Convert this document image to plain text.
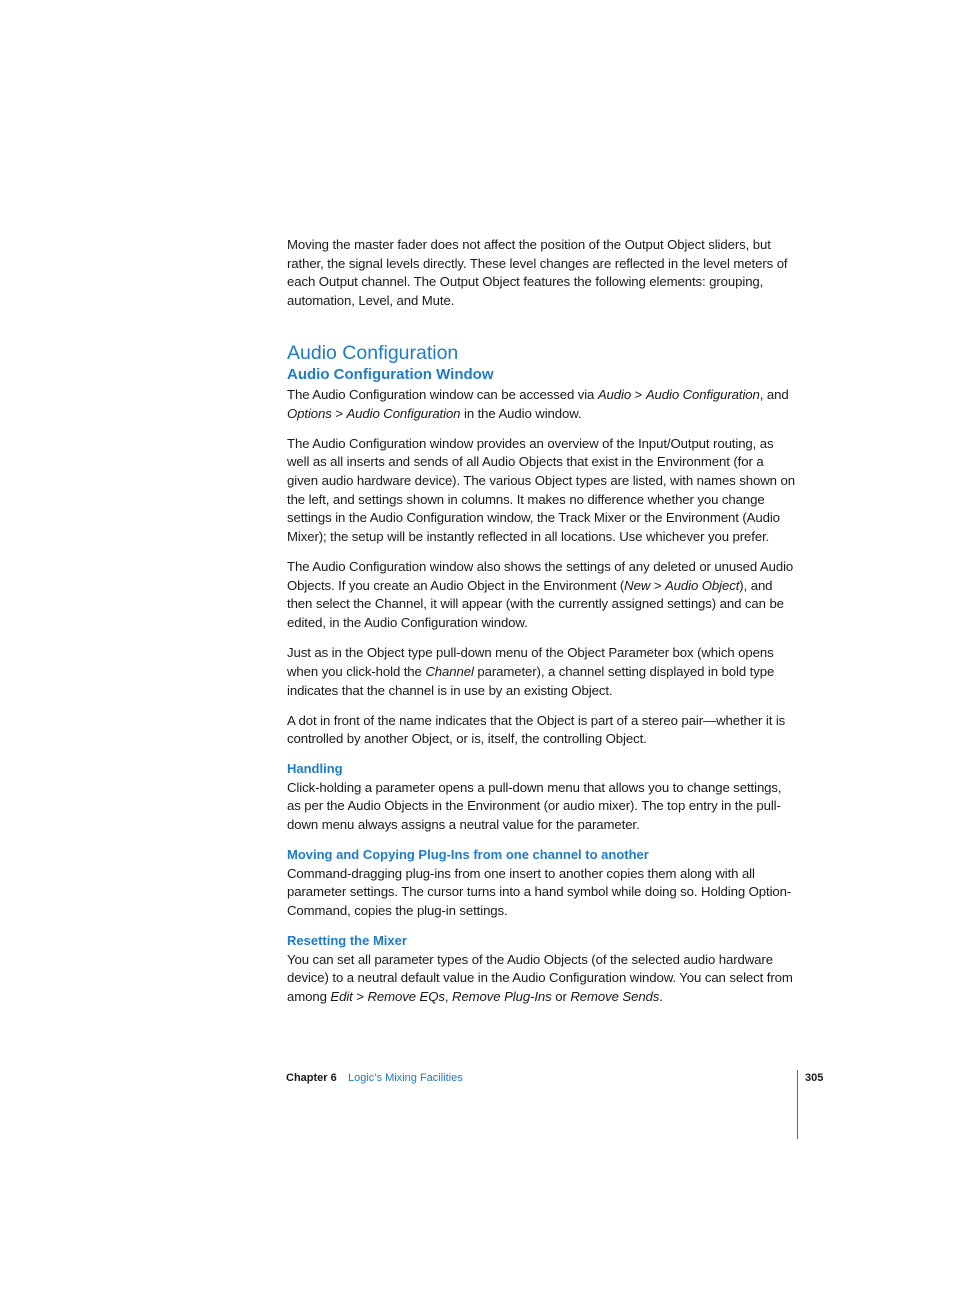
Moving the master fader does not affect the position of the Output Object sliders, but rather, the signal levels directly. These level changes are reflected in the level meters of each Output channel. The Output Object features the following elements: grouping, automation, Level, and Mute.

Audio Configuration
Audio Configuration Window

The Audio Configuration window can be accessed via Audio > Audio Configuration, and Options > Audio Configuration in the Audio window.

The Audio Configuration window provides an overview of the Input/Output routing, as well as all inserts and sends of all Audio Objects that exist in the Environment (for a given audio hardware device). The various Object types are listed, with names shown on the left, and settings shown in columns. It makes no difference whether you change settings in the Audio Configuration window, the Track Mixer or the Environment (Audio Mixer); the setup will be instantly reflected in all locations. Use whichever you prefer.

The Audio Configuration window also shows the settings of any deleted or unused Audio Objects. If you create an Audio Object in the Environment (New > Audio Object), and then select the Channel, it will appear (with the currently assigned settings) and can be edited, in the Audio Configuration window.

Just as in the Object type pull-down menu of the Object Parameter box (which opens when you click-hold the Channel parameter), a channel setting displayed in bold type indicates that the channel is in use by an existing Object.

A dot in front of the name indicates that the Object is part of a stereo pair—whether it is controlled by another Object, or is, itself, the controlling Object.

Handling

Click-holding a parameter opens a pull-down menu that allows you to change settings, as per the Audio Objects in the Environment (or audio mixer). The top entry in the pull-down menu always assigns a neutral value for the parameter.

Moving and Copying Plug-Ins from one channel to another

Command-dragging plug-ins from one insert to another copies them along with all parameter settings. The cursor turns into a hand symbol while doing so. Holding Option-Command, copies the plug-in settings.

Resetting the Mixer

You can set all parameter types of the Audio Objects (of the selected audio hardware device) to a neutral default value in the Audio Configuration window. You can select from among Edit > Remove EQs, Remove Plug-Ins or Remove Sends.

Chapter 6 Logic’s Mixing Facilities	305
